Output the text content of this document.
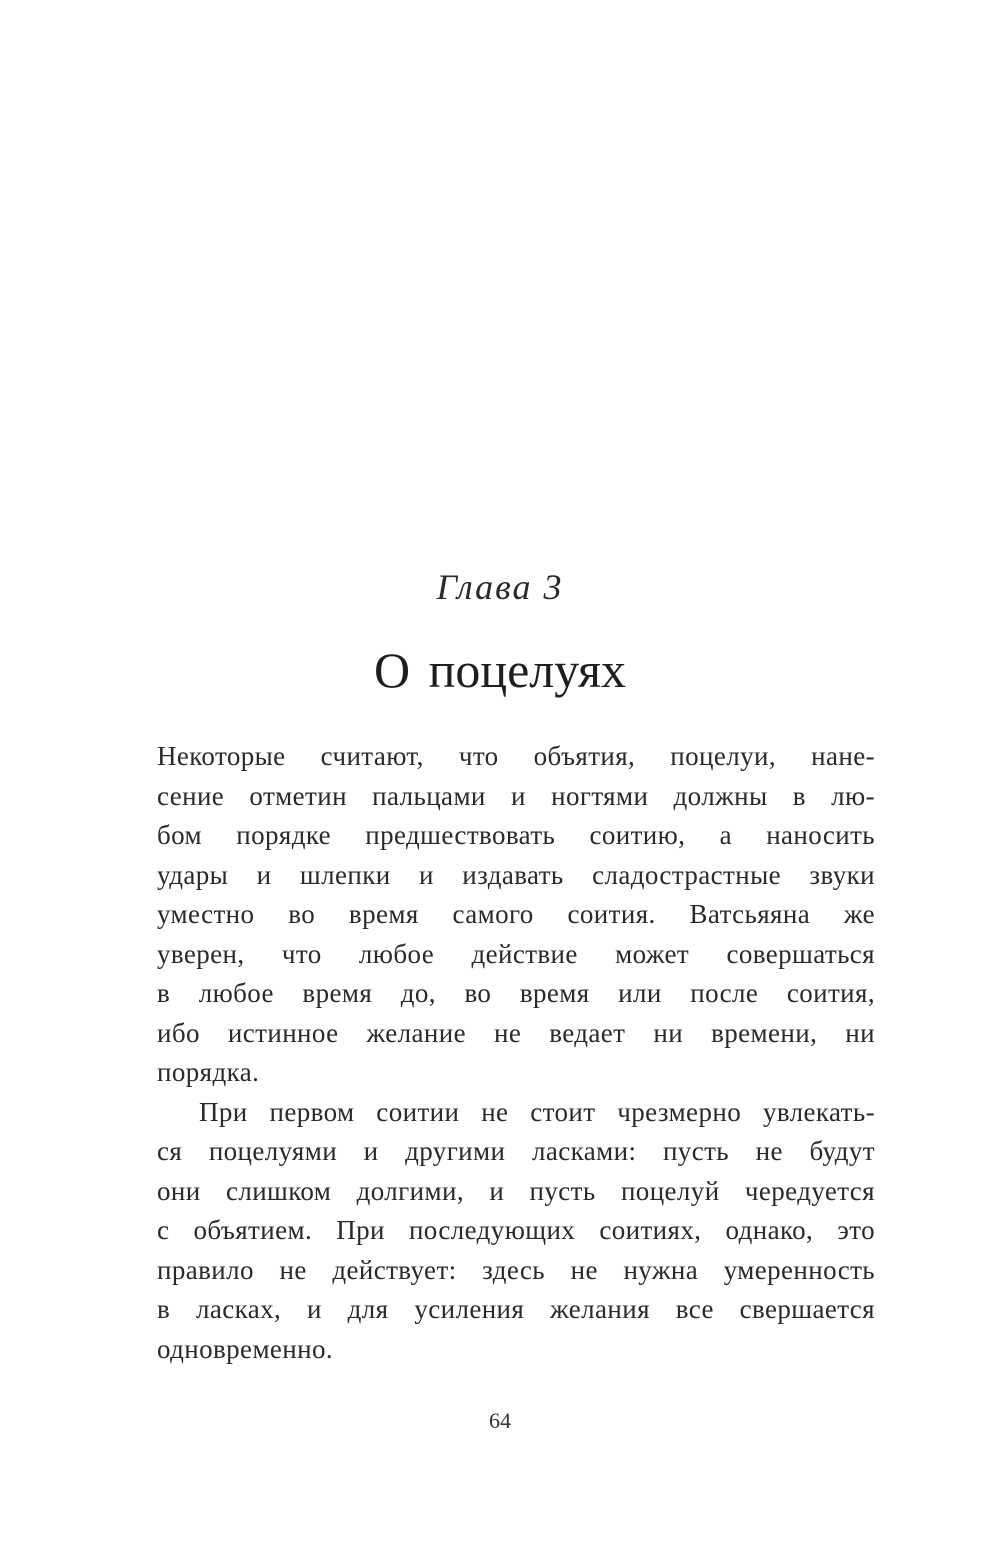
Глава 3
О поцелуях
Некоторые считают, что объятия, поцелуи, нане-
сение отметин пальцами и ногтями должны в лю-
бом порядке предшествовать соитию, а наносить
удары и шлепки и издавать сладострастные звуки
уместно во время самого соития. Ватсьяяна же
уверен, что любое действие может совершаться
в любое время до, во время или после соития,
ибо истинное желание не ведает ни времени, ни
порядка.
При первом соитии не стоит чрезмерно увлекать-
ся поцелуями и другими ласками: пусть не будут
они слишком долгими, и пусть поцелуй чередуется
с объятием. При последующих соитиях, однако, это
правило не действует: здесь не нужна умеренность
в ласках, и для усиления желания все свершается
одновременно.
64
